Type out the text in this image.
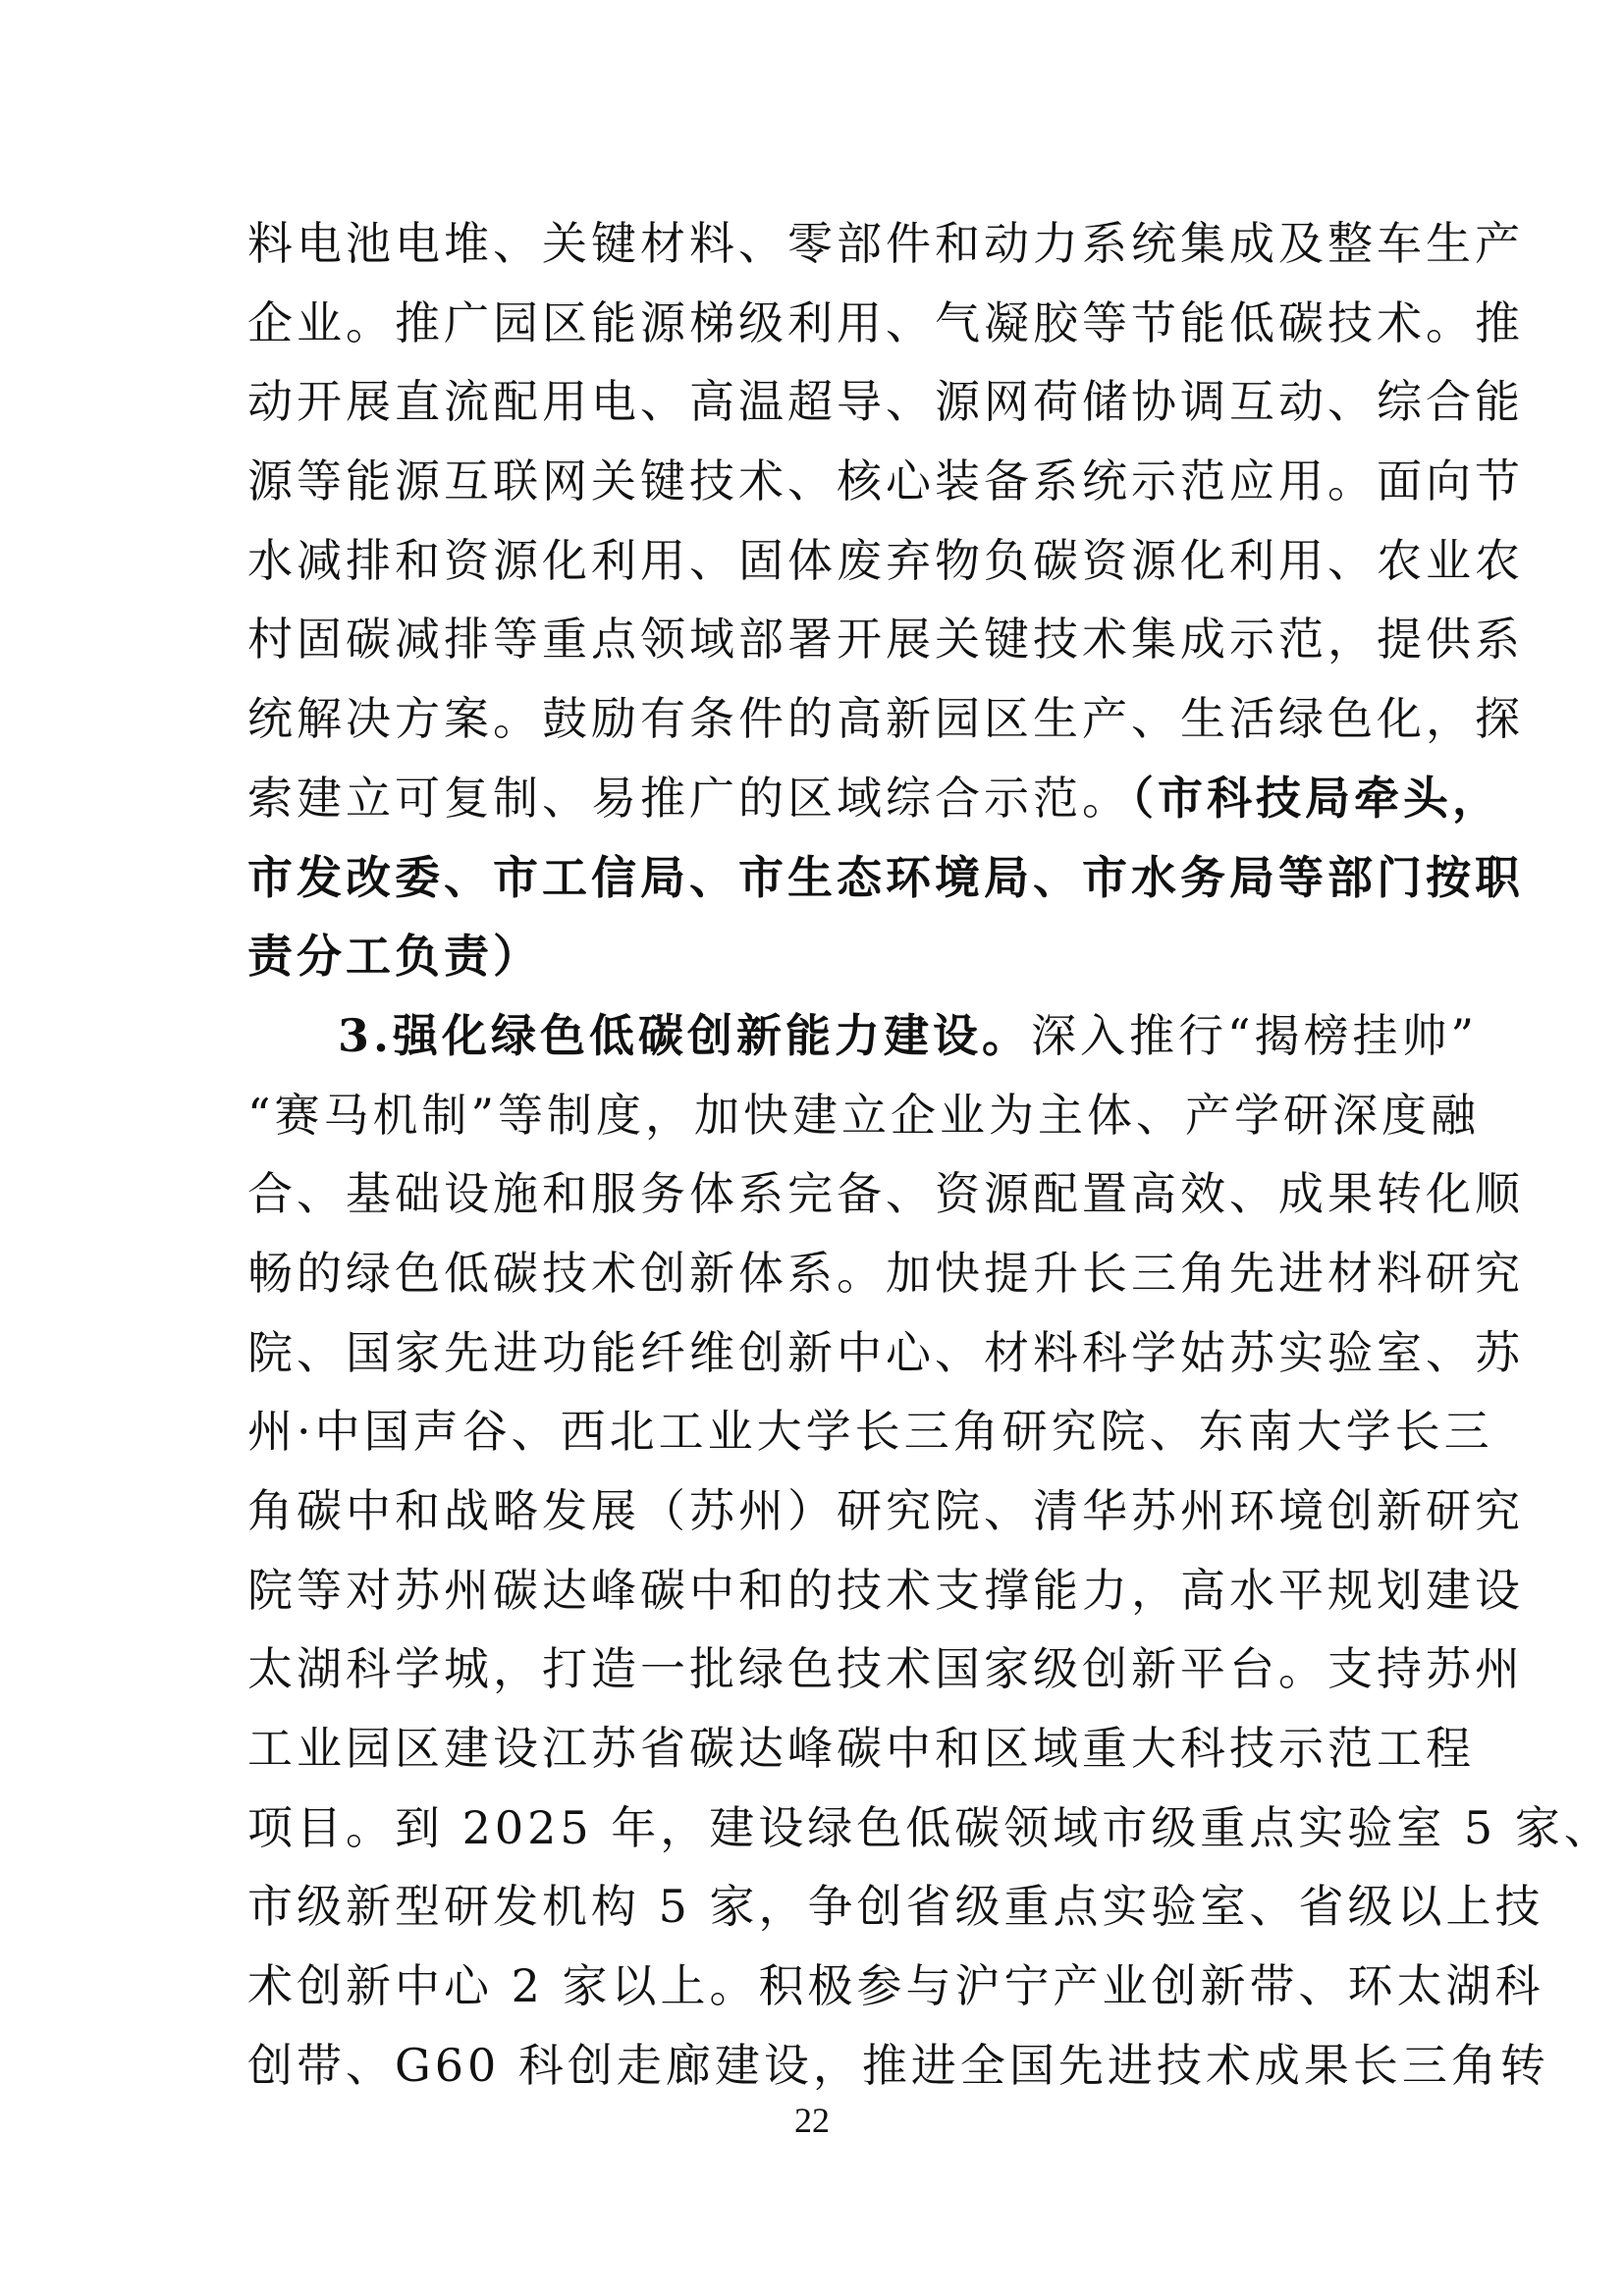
料电池电堆、关键材料、零部件和动力系统集成及整车生产
企业。推广园区能源梯级利用、气凝胶等节能低碳技术。推
动开展直流配用电、高温超导、源网荷储协调互动、综合能
源等能源互联网关键技术、核心装备系统示范应用。面向节
水减排和资源化利用、固体废弃物负碳资源化利用、农业农
村固碳减排等重点领域部署开展关键技术集成示范，提供系
统解决方案。鼓励有条件的高新园区生产、生活绿色化，探
索建立可复制、易推广的区域综合示范。（市科技局牵头，
市发改委、市工信局、市生态环境局、市水务局等部门按职
责分工负责）
3.强化绿色低碳创新能力建设。深入推行“揭榜挂帅”
“赛马机制”等制度，加快建立企业为主体、产学研深度融
合、基础设施和服务体系完备、资源配置高效、成果转化顺
畅的绿色低碳技术创新体系。加快提升长三角先进材料研究
院、国家先进功能纤维创新中心、材料科学姑苏实验室、苏
州·中国声谷、西北工业大学长三角研究院、东南大学长三
角碳中和战略发展（苏州）研究院、清华苏州环境创新研究
院等对苏州碳达峰碳中和的技术支撑能力，高水平规划建设
太湖科学城，打造一批绿色技术国家级创新平台。支持苏州
工业园区建设江苏省碳达峰碳中和区域重大科技示范工程
项目。到 2025 年，建设绿色低碳领域市级重点实验室 5 家、
市级新型研发机构 5 家，争创省级重点实验室、省级以上技
术创新中心 2 家以上。积极参与沪宁产业创新带、环太湖科
创带、G60 科创走廊建设，推进全国先进技术成果长三角转
22
